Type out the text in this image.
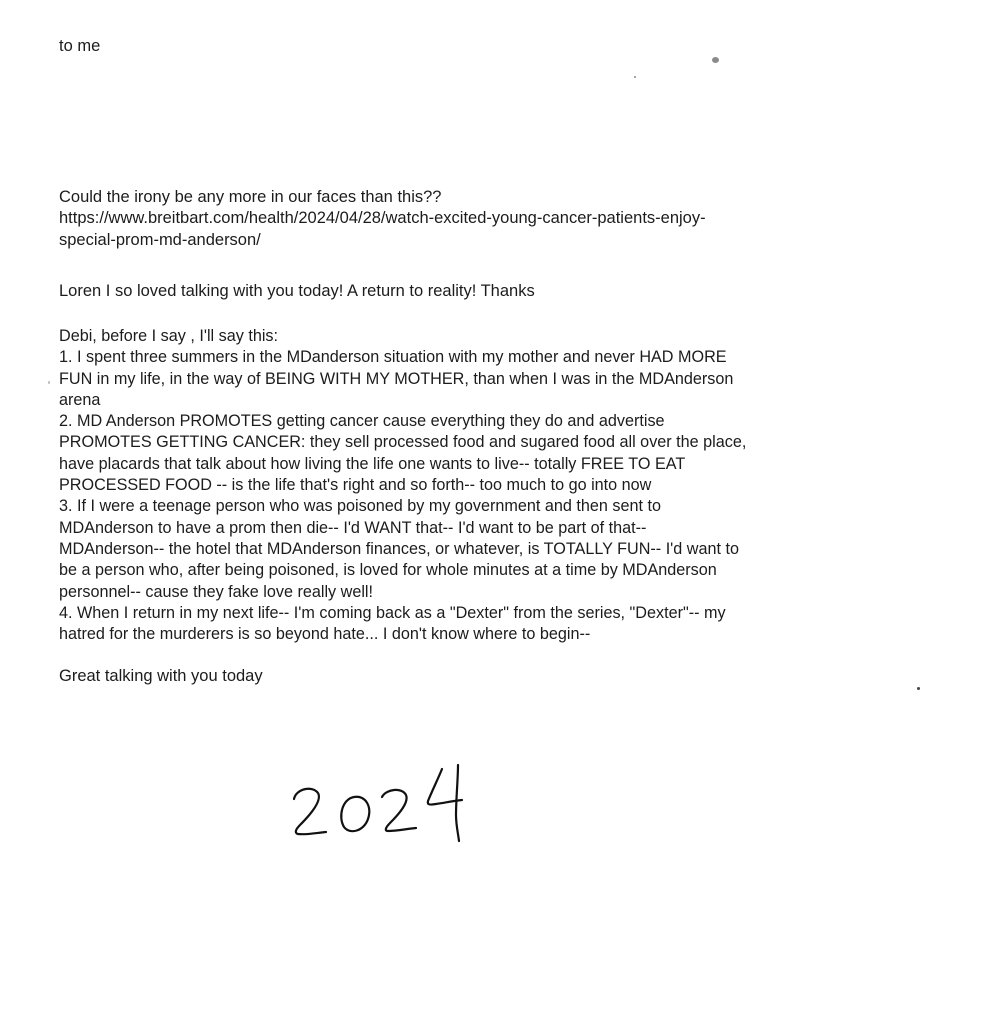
to me

Could the irony be any more in our faces than this??
https://www.breitbart.com/health/2024/04/28/watch-excited-young-cancer-patients-enjoy-
special-prom-md-anderson/
Loren I so loved talking with you today! A return to reality! Thanks
Debi, before I say , I'll say this:
1. I spent three summers in the MDanderson situation with my mother and never HAD MORE
FUN in my life, in the way of BEING WITH MY MOTHER, than when I was in the MDAnderson
arena
2. MD Anderson PROMOTES getting cancer cause everything they do and advertise
PROMOTES GETTING CANCER: they sell processed food and sugared food all over the place,
have placards that talk about how living the life one wants to live-- totally FREE TO EAT
PROCESSED FOOD -- is the life that's right and so forth-- too much to go into now
3. If I were a teenage person who was poisoned by my government and then sent to
MDAnderson to have a prom then die-- I'd WANT that-- I'd want to be part of that--
MDAnderson-- the hotel that MDAnderson finances, or whatever, is TOTALLY FUN-- I'd want to
be a person who, after being poisoned, is loved for whole minutes at a time by MDAnderson
personnel-- cause they fake love really well!
4. When I return in my next life-- I'm coming back as a "Dexter" from the series, "Dexter"-- my
hatred for the murderers is so beyond hate... I don't know where to begin--
Great talking with you today
